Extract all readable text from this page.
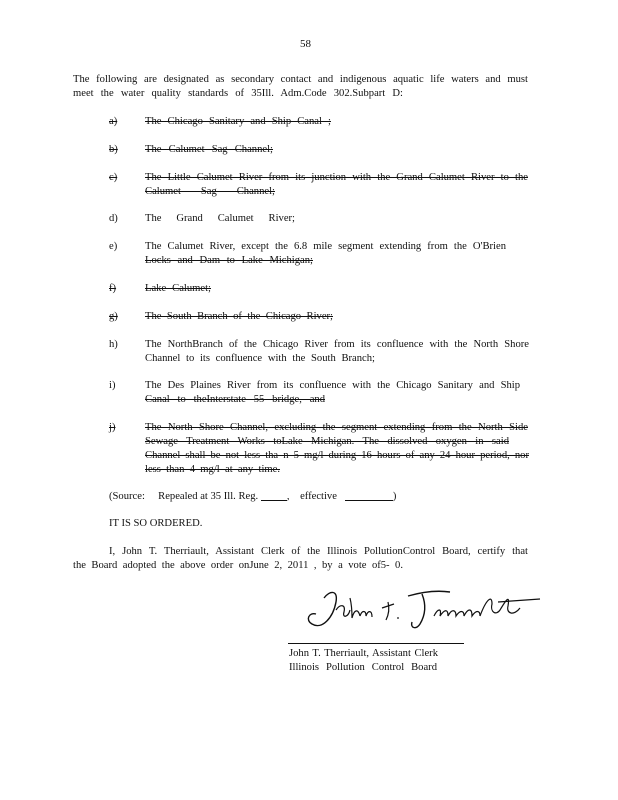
58
The following are designated as secondary contact and indigenous aquatic life waters and must
meet the water quality standards of 35Ill. Adm.Code 302.Subpart D:
a)	The Chicago Sanitary and Ship Canal ;
b)	The Calumet Sag Channel;
c)	The Little Calumet River from its junction with the Grand Calumet River to the
Calumet Sag Channel;
d)	The Grand Calumet River;
e)	The Calumet River, except the 6.8 mile segment extending from the O'Brien
Locks and Dam to Lake Michigan;
f)	Lake Calumet;
g)	The South Branch of the Chicago River;
h)	The NorthBranch of the Chicago River from its confluence with the North Shore
Channel to its confluence with the South Branch;
i)	The Des Plaines River from its confluence with the Chicago Sanitary and Ship
Canal to theInterstate 55 bridge, and
j)	The North Shore Channel, excluding the segment extending from the North Side
Sewage Treatment Works toLake Michigan. The dissolved oxygen in said
Channel shall be not less tha n 5 mg/l during 16 hours of any 24 hour period, nor
less than 4 mg/l at any time.
(Source: Repealed at 35 Ill. Reg.	, effective	)
IT IS SO ORDERED.
I, John T. Therriault, Assistant Clerk of the Illinois PollutionControl Board, certify that
the Board adopted the above order onJune 2, 2011 , by a vote of5- 0.
John T. Therriault, Assistant Clerk
Illinois Pollution Control Board
